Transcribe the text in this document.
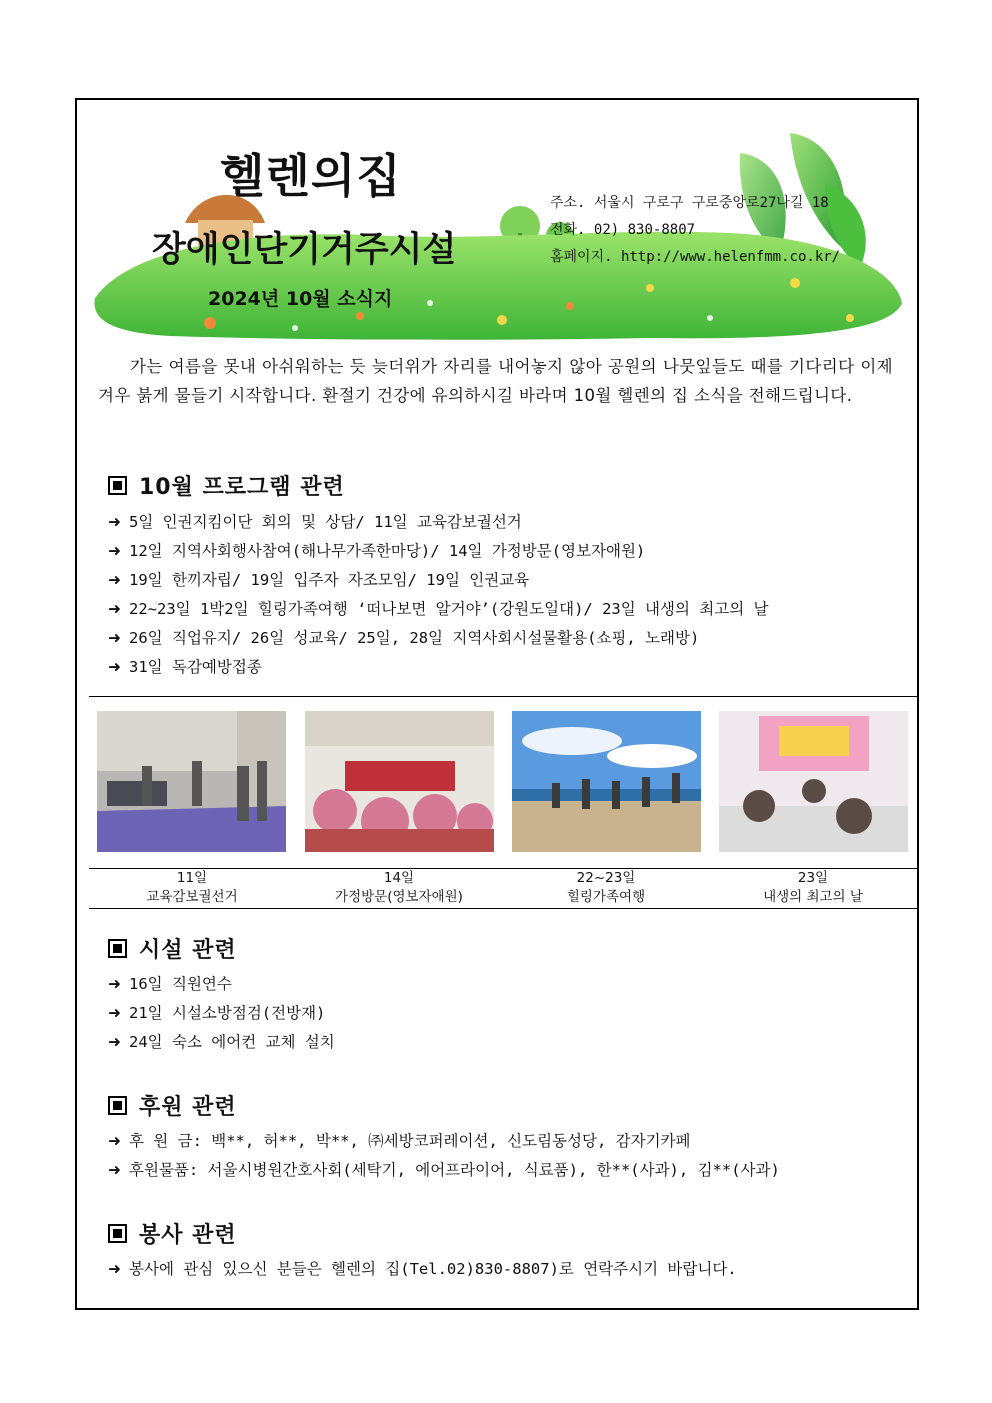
헬렌의집
장애인단기거주시설
2024년 10월 소식지
주소. 서울시 구로구 구로중앙로27나길 18
전화. 02) 830-8807
홈페이지. http://www.helenfmm.co.kr/
가는 여름을 못내 아쉬워하는 듯 늦더위가 자리를 내어놓지 않아 공원의 나뭇잎들도 때를 기다리다 이제 겨우 붉게 물들기 시작합니다. 환절기 건강에 유의하시길 바라며 10월 헬렌의 집 소식을 전해드립니다.
10월 프로그램 관련
➜ 5일 인권지킴이단 회의 및 상담/ 11일 교육감보궐선거
➜ 12일 지역사회행사참여(해나무가족한마당)/ 14일 가정방문(영보자애원)
➜ 19일 한끼자립/ 19일 입주자 자조모임/ 19일 인권교육
➜ 22~23일 1박2일 힐링가족여행 ‘떠나보면 알거야’(강원도일대)/ 23일 내생의 최고의 날
➜ 26일 직업유지/ 26일 성교육/ 25일, 28일 지역사회시설물활용(쇼핑, 노래방)
➜ 31일 독감예방접종
11일
교육감보궐선거
14일
가정방문(영보자애원)
22~23일
힐링가족여행
23일
내생의 최고의 날
시설 관련
➜ 16일 직원연수
➜ 21일 시설소방점검(전방재)
➜ 24일 숙소 에어컨 교체 설치
후원 관련
➜ 후 원 금: 백**, 허**, 박**, ㈜세방코퍼레이션, 신도림동성당, 감자기카페
➜ 후원물품: 서울시병원간호사회(세탁기, 에어프라이어, 식료품), 한**(사과), 김**(사과)
봉사 관련
➜ 봉사에 관심 있으신 분들은 헬렌의 집(Tel.02)830-8807)로 연락주시기 바랍니다.
